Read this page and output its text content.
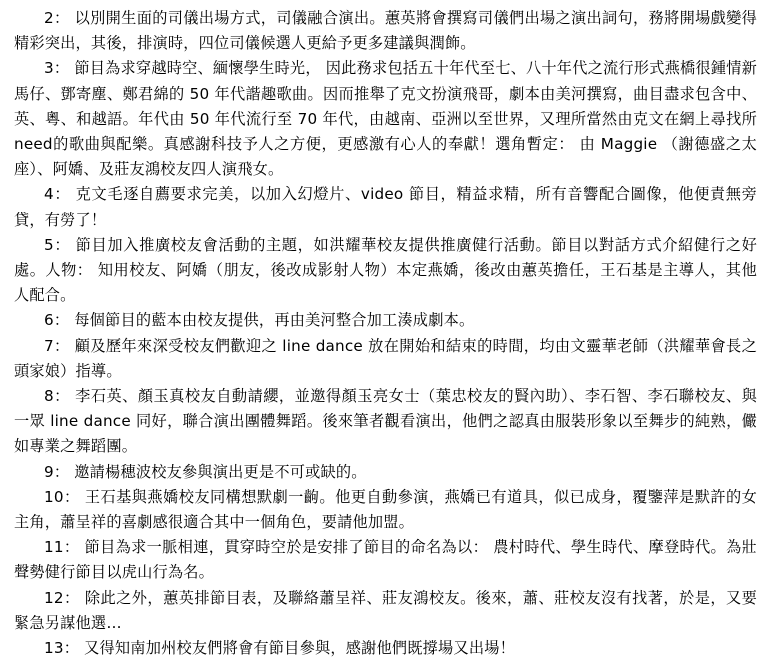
2： 以別開生面的司儀出場方式，司儀融合演出。蕙英將會撰寫司儀們出場之演出詞句，務將開場戲變得精彩突出，其後，排演時，四位司儀候選人更給予更多建議與潤飾。

3： 節目為求穿越時空、緬懷學生時光， 因此務求包括五十年代至七、八十年代之流行形式燕橋很鍾情新馬仔、鄧寄塵、鄭君綿的 50 年代諧趣歌曲。因而推舉了克文扮演飛哥，劇本由美河撰寫，曲目盡求包含中、英、粵、和越語。年代由 50 年代流行至 70 年代，由越南、亞洲以至世界，又理所當然由克文在網上尋找所need的歌曲與配樂。真感謝科技予人之方便，更感激有心人的奉獻！選角暫定： 由 Maggie （謝德盛之太座）、阿嬌、及莊友鴻校友四人演飛女。

4： 克文毛逐自薦要求完美，以加入幻燈片、video 節目，精益求精，所有音響配合圖像，他便責無旁貸，有勞了！

5： 節目加入推廣校友會活動的主題，如洪耀華校友提供推廣健行活動。節目以對話方式介紹健行之好處。人物： 知用校友、阿嬌（朋友，後改成影射人物）本定燕嬌，後改由蕙英擔任，王石基是主導人，其他人配合。

6： 每個節目的藍本由校友提供，再由美河整合加工湊成劇本。

7： 顧及歷年來深受校友們歡迎之 line dance 放在開始和結束的時間，均由文靈華老師（洪耀華會長之頭家娘）指導。

8： 李石英、顏玉真校友自動請纓，並邀得顏玉亮女士（葉忠校友的賢內助）、李石智、李石聯校友、與一眾 line dance 同好，聯合演出團體舞蹈。後來筆者觀看演出，他們之認真由服裝形象以至舞步的純熟，儼如專業之舞蹈團。

9： 邀請楊穗波校友參與演出更是不可或缺的。

10： 王石基與燕嬌校友同構想默劇一齣。他更自動參演，燕嬌已有道具，似已成身，覆鑒萍是默許的女主角，蕭呈祥的喜劇感很適合其中一個角色，要請他加盟。

11： 節目為求一脈相連，貫穿時空於是安排了節目的命名為以： 農村時代、學生時代、摩登時代。為壯聲勢健行節目以虎山行為名。

12： 除此之外，蕙英排節目表，及聯絡蕭呈祥、莊友鴻校友。後來，蕭、莊校友沒有找著，於是，又要緊急另謀他選…

13： 又得知南加州校友們將會有節目參與，感謝他們既撐場又出場！
